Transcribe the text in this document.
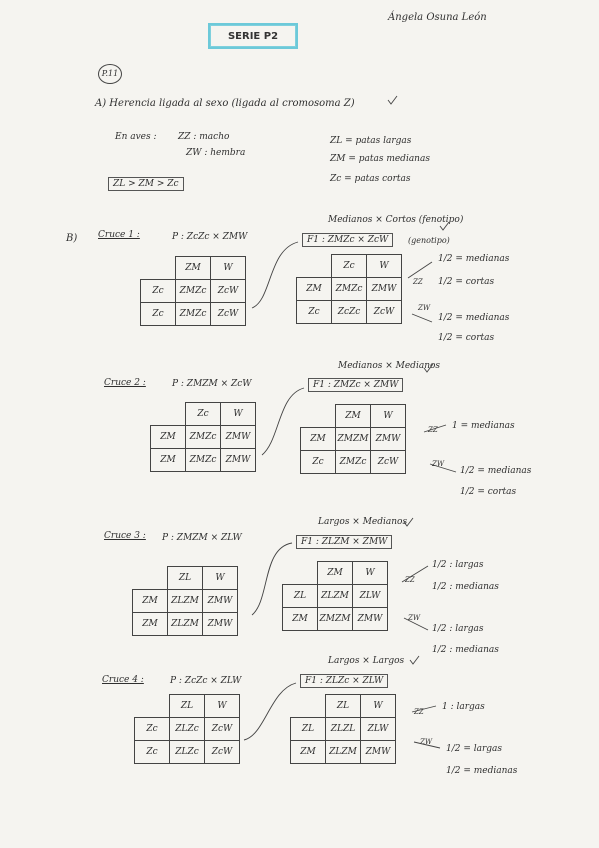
SERIE P2
Ángela Osuna León
P.11
A) Herencia ligada al sexo (ligada al cromosoma Z)
En aves : ZZ : macho
ZW : hembra
ZL = patas largas
ZM = patas medianas
Zc = patas cortas
ZL > ZM > Zc
B) Cruce 1 :	P : ZcZc × ZMW
	ZM	W
Zc	ZMZc	ZcW
Zc	ZMZc	ZcW
Medianos × Cortos (fenotipo)
F1 : ZMZc × ZcW	(genotipo)
	Zc	W
ZM	ZMZc	ZMW
Zc	ZcZc	ZcW
ZZ
1/2 = medianas
1/2 = cortas
ZW
1/2 = medianas
1/2 = cortas
Cruce 2 :	P : ZMZM × ZcW
	Zc	W
ZM	ZMZc	ZMW
ZM	ZMZc	ZMW
Medianos × Medianos
F1 : ZMZc × ZMW
	ZM	W
ZM	ZMZM	ZMW
Zc	ZMZc	ZcW
ZZ 1 = medianas
ZW
1/2 = medianas
1/2 = cortas
Cruce 3 : P : ZMZM × ZLW
	ZL	W
ZM	ZLZM	ZMW
ZM	ZLZM	ZMW
Largos × Medianos
F1 : ZLZM × ZMW
	ZM	W
ZL	ZLZM	ZLW
ZM	ZMZM	ZMW
ZZ
1/2 : largas
1/2 : medianas
ZW
1/2 : largas
1/2 : medianas
Cruce 4 :	P : ZcZc × ZLW
	ZL	W
Zc	ZLZc	ZcW
Zc	ZLZc	ZcW
Largos × Largos
F1 : ZLZc × ZLW
	ZL	W
ZL	ZLZL	ZLW
ZM	ZLZM	ZMW
ZZ 1 : largas
ZW
1/2 = largas
1/2 = medianas
